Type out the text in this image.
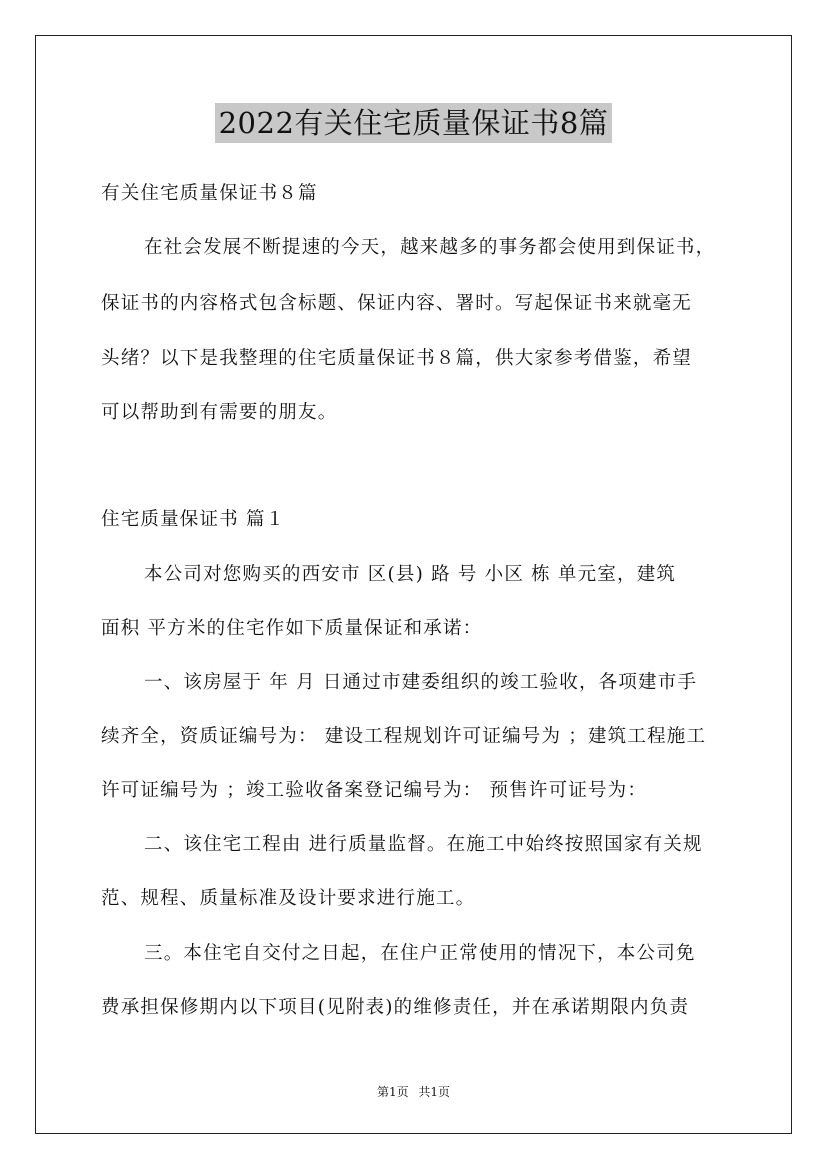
2022有关住宅质量保证书8篇
有关住宅质量保证书８篇
在社会发展不断提速的今天，越来越多的事务都会使用到保证书，
保证书的内容格式包含标题、保证内容、署时。写起保证书来就毫无
头绪？以下是我整理的住宅质量保证书８篇，供大家参考借鉴，希望
可以帮助到有需要的朋友。
住宅质量保证书 篇１
本公司对您购买的西安市 区(县) 路 号 小区 栋 单元室，建筑
面积 平方米的住宅作如下质量保证和承诺：
一、该房屋于 年 月 日通过市建委组织的竣工验收，各项建市手
续齐全，资质证编号为： 建设工程规划许可证编号为 ；建筑工程施工
许可证编号为 ；竣工验收备案登记编号为： 预售许可证号为：
二、该住宅工程由 进行质量监督。在施工中始终按照国家有关规
范、规程、质量标准及设计要求进行施工。
三。本住宅自交付之日起，在住户正常使用的情况下，本公司免
费承担保修期内以下项目(见附表)的维修责任，并在承诺期限内负责
第1页 共1页
